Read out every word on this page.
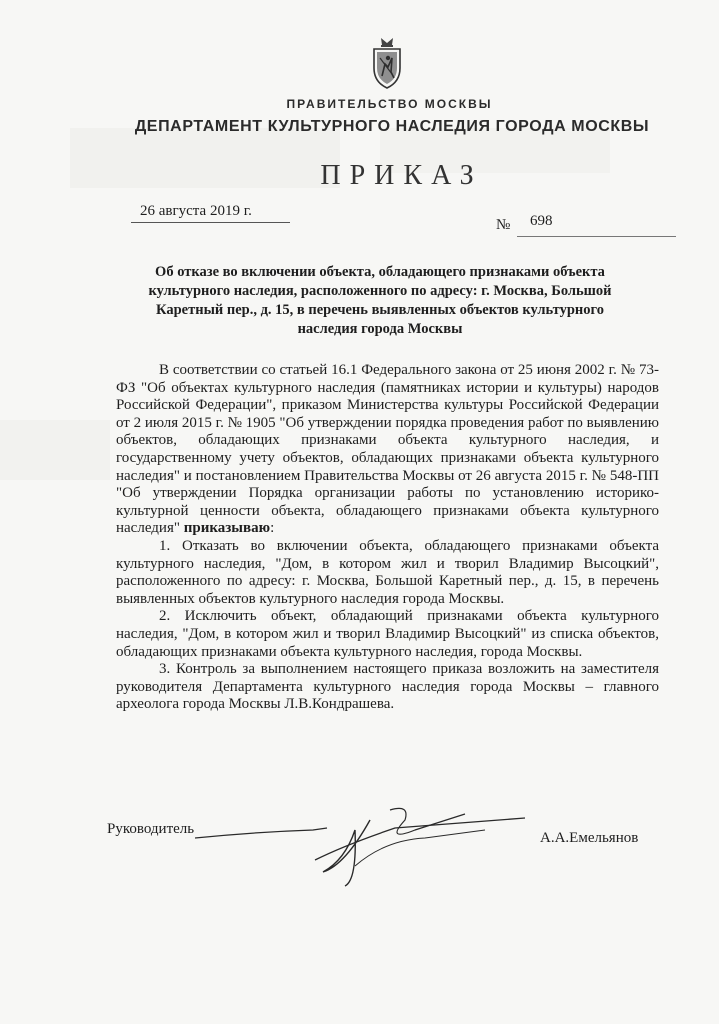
ПРАВИТЕЛЬСТВО МОСКВЫ
ДЕПАРТАМЕНТ КУЛЬТУРНОГО НАСЛЕДИЯ ГОРОДА МОСКВЫ
ПРИКАЗ
26 августа 2019 г.
№	698
Об отказе во включении объекта, обладающего признаками объекта культурного наследия, расположенного по адресу: г. Москва, Большой Каретный пер., д. 15, в перечень выявленных объектов культурного наследия города Москвы

В соответствии со статьей 16.1 Федерального закона от 25 июня 2002 г. № 73-ФЗ "Об объектах культурного наследия (памятниках истории и культуры) народов Российской Федерации", приказом Министерства культуры Российской Федерации от 2 июля 2015 г. № 1905 "Об утверждении порядка проведения работ по выявлению объектов, обладающих признаками объекта культурного наследия, и государственному учету объектов, обладающих признаками объекта культурного наследия" и постановлением Правительства Москвы от 26 августа 2015 г. № 548-ПП "Об утверждении Порядка организации работы по установлению историко-культурной ценности объекта, обладающего признаками объекта культурного наследия" приказываю:

1. Отказать во включении объекта, обладающего признаками объекта культурного наследия, "Дом, в котором жил и творил Владимир Высоцкий", расположенного по адресу: г. Москва, Большой Каретный пер., д. 15, в перечень выявленных объектов культурного наследия города Москвы.

2. Исключить объект, обладающий признаками объекта культурного наследия, "Дом, в котором жил и творил Владимир Высоцкий" из списка объектов, обладающих признаками объекта культурного наследия, города Москвы.

3. Контроль за выполнением настоящего приказа возложить на заместителя руководителя Департамента культурного наследия города Москвы – главного археолога города Москвы Л.В.Кондрашева.

Руководитель
А.А.Емельянов
